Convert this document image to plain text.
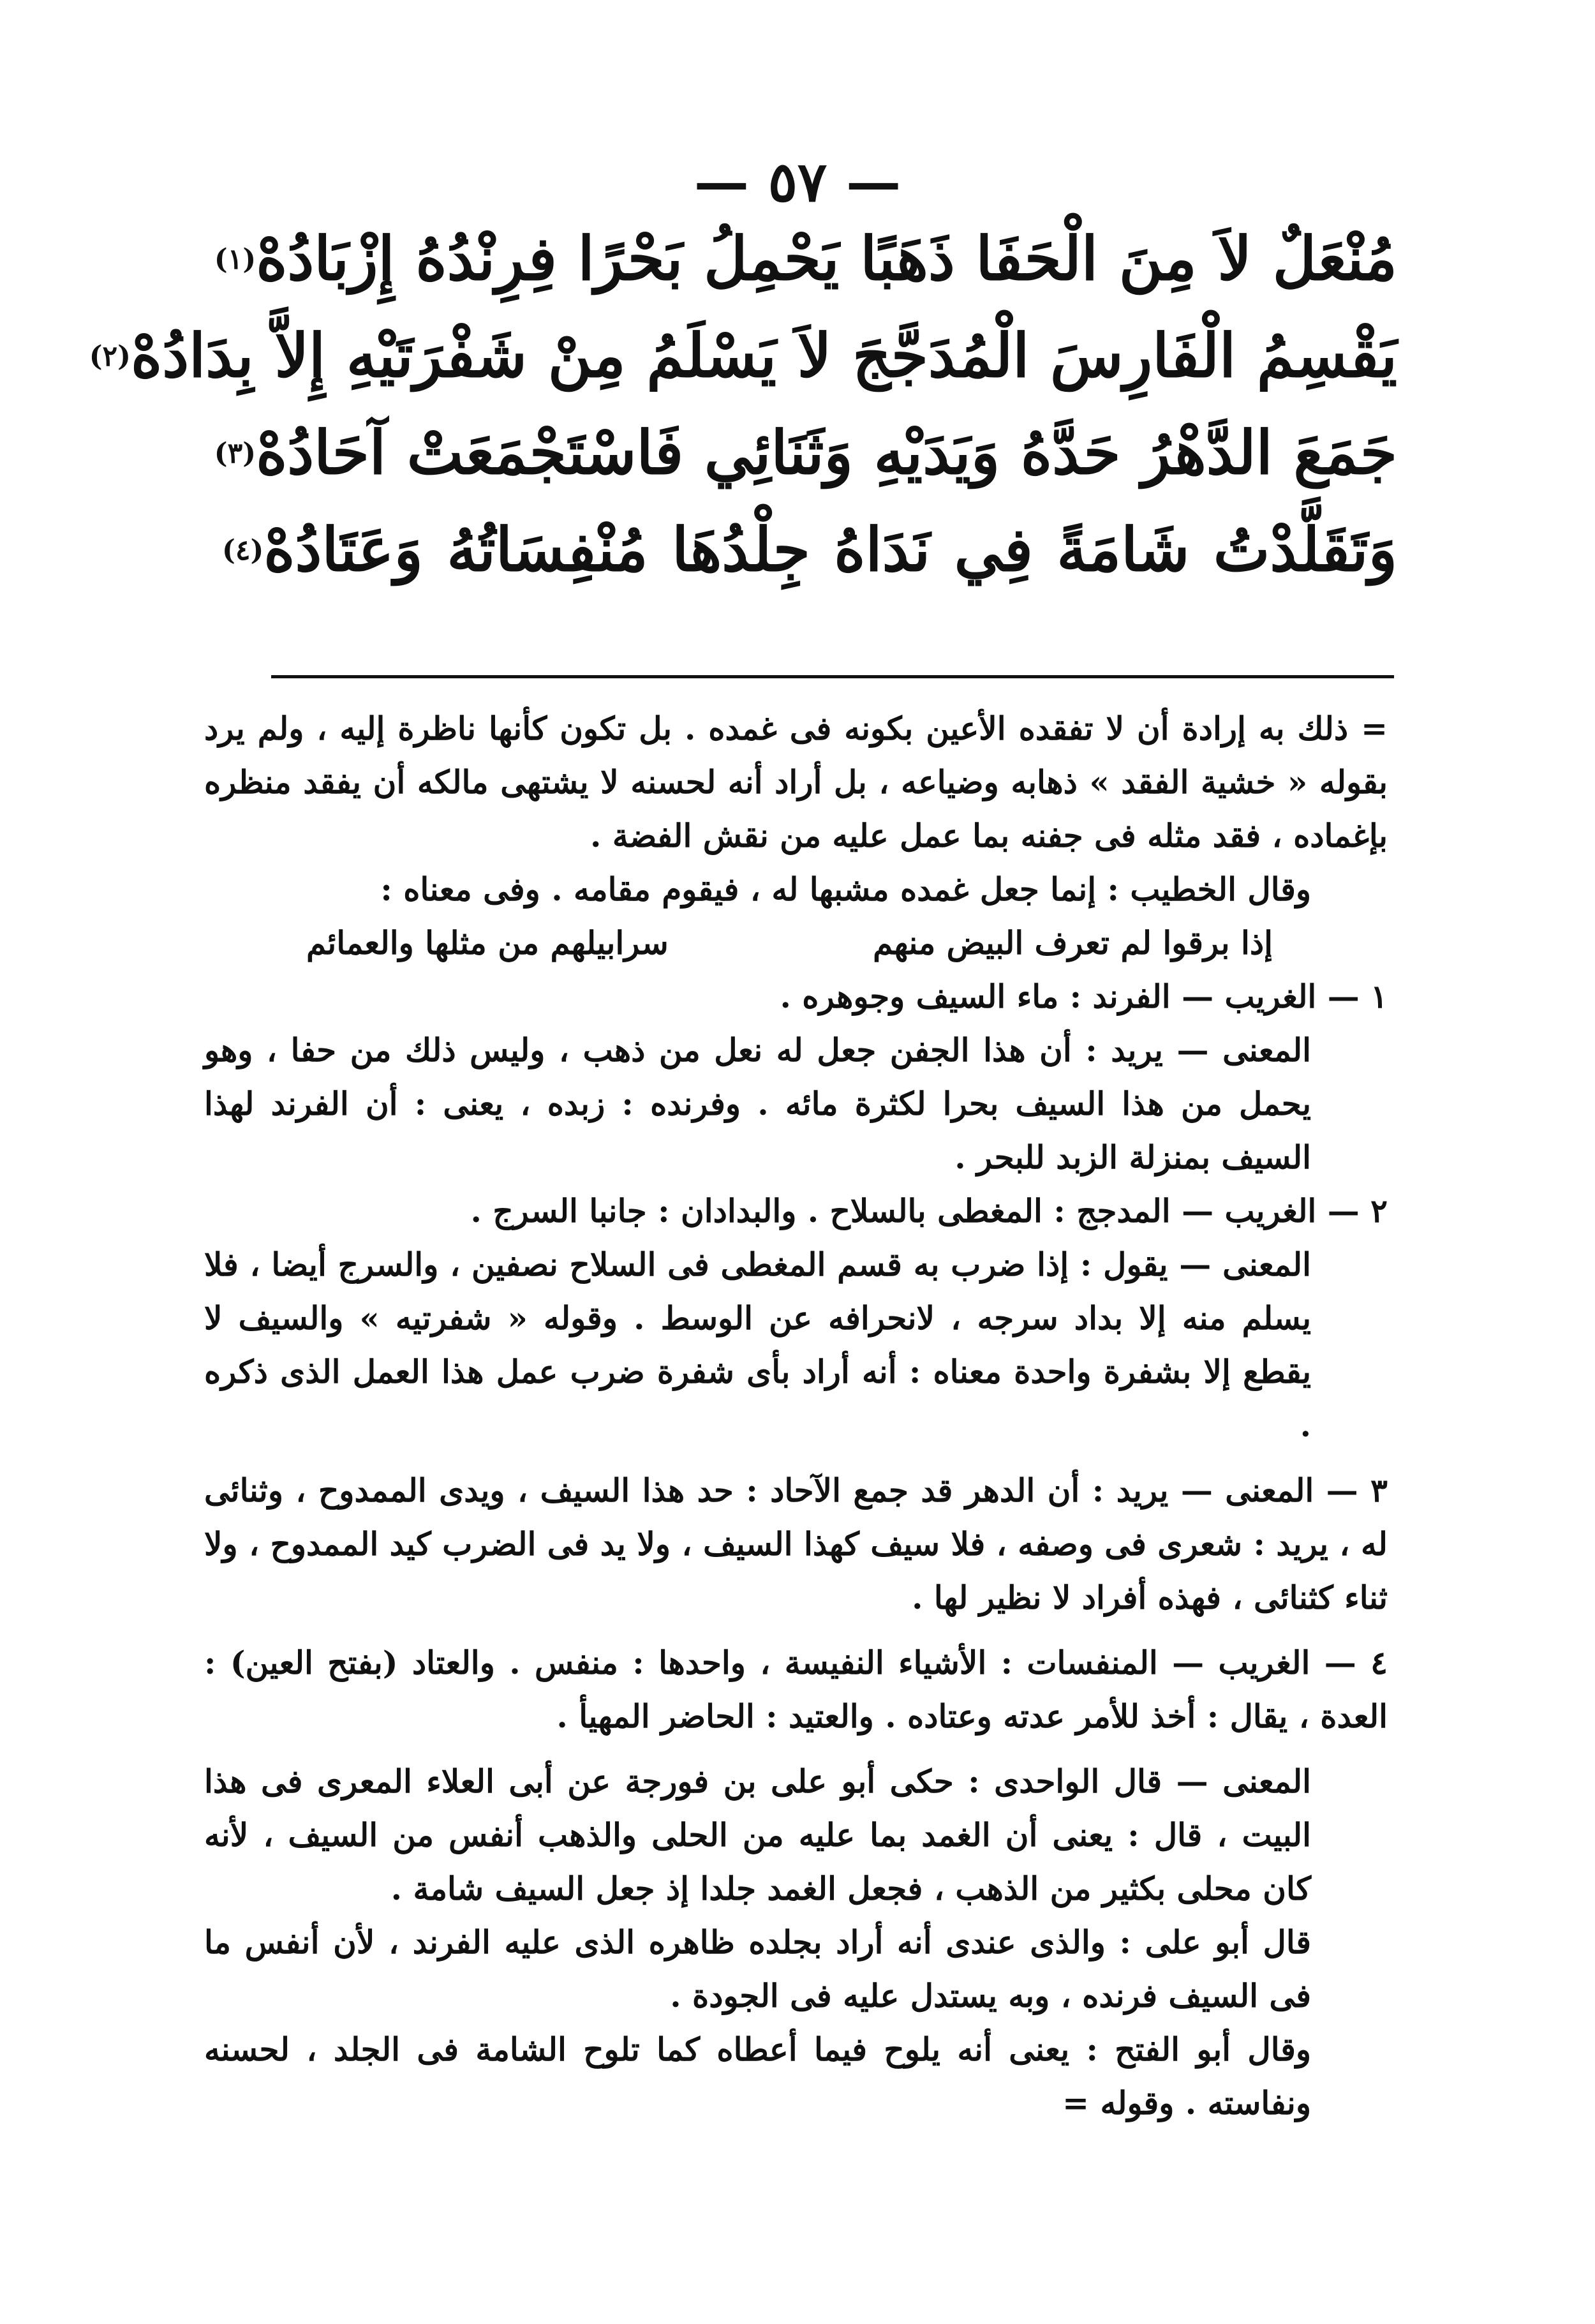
— ٥٧ —
مُنْعَلٌ لاَ مِنَ الْحَفَا ذَهَبًا يَحْمِلُ بَحْرًا فِرِنْدُهُ إِزْبَادُهْ
(١)
يَقْسِمُ الْفَارِسَ الْمُدَجَّجَ لاَ يَسْلَمُ مِنْ شَفْرَتَيْهِ إِلاَّ بِدَادُهْ
(٢)
جَمَعَ الدَّهْرُ حَدَّهُ وَيَدَيْهِ وَثَنَائِي فَاسْتَجْمَعَتْ آحَادُهْ
(٣)
وَتَقَلَّدْتُ شَامَةً فِي نَدَاهُ جِلْدُهَا مُنْفِسَاتُهُ وَعَتَادُهْ
(٤)

= ذلك به إرادة أن لا تفقده الأعين بكونه فى غمده . بل تكون كأنها ناظرة إليه ، ولم يرد بقوله « خشية الفقد » ذهابه وضياعه ، بل أراد أنه لحسنه لا يشتهى مالكه أن يفقد منظره بإغماده ، فقد مثله فى جفنه بما عمل عليه من نقش الفضة .

وقال الخطيب : إنما جعل غمده مشبها له ، فيقوم مقامه . وفى معناه :

إذا برقوا لم تعرف البيض منهم
سرابيلهم من مثلها والعمائم

١ — الغريب — الفرند : ماء السيف وجوهره .

المعنى — يريد : أن هذا الجفن جعل له نعل من ذهب ، وليس ذلك من حفا ، وهو يحمل من هذا السيف بحرا لكثرة مائه . وفرنده : زبده ، يعنى : أن الفرند لهذا السيف بمنزلة الزبد للبحر .

٢ — الغريب — المدجج : المغطى بالسلاح . والبدادان : جانبا السرج .

المعنى — يقول : إذا ضرب به قسم المغطى فى السلاح نصفين ، والسرج أيضا ، فلا يسلم منه إلا بداد سرجه ، لانحرافه عن الوسط . وقوله « شفرتيه » والسيف لا يقطع إلا بشفرة واحدة معناه : أنه أراد بأى شفرة ضرب عمل هذا العمل الذى ذكره .

٣ — المعنى — يريد : أن الدهر قد جمع الآحاد : حد هذا السيف ، ويدى الممدوح ، وثنائى له ، يريد : شعرى فى وصفه ، فلا سيف كهذا السيف ، ولا يد فى الضرب كيد الممدوح ، ولا ثناء كثنائى ، فهذه أفراد لا نظير لها .

٤ — الغريب — المنفسات : الأشياء النفيسة ، واحدها : منفس . والعتاد (بفتح العين) : العدة ، يقال : أخذ للأمر عدته وعتاده . والعتيد : الحاضر المهيأ .

المعنى — قال الواحدى : حكى أبو على بن فورجة عن أبى العلاء المعرى فى هذا البيت ، قال : يعنى أن الغمد بما عليه من الحلى والذهب أنفس من السيف ، لأنه كان محلى بكثير من الذهب ، فجعل الغمد جلدا إذ جعل السيف شامة .

قال أبو على : والذى عندى أنه أراد بجلده ظاهره الذى عليه الفرند ، لأن أنفس ما فى السيف فرنده ، وبه يستدل عليه فى الجودة .

وقال أبو الفتح : يعنى أنه يلوح فيما أعطاه كما تلوح الشامة فى الجلد ، لحسنه ونفاسته . وقوله =
